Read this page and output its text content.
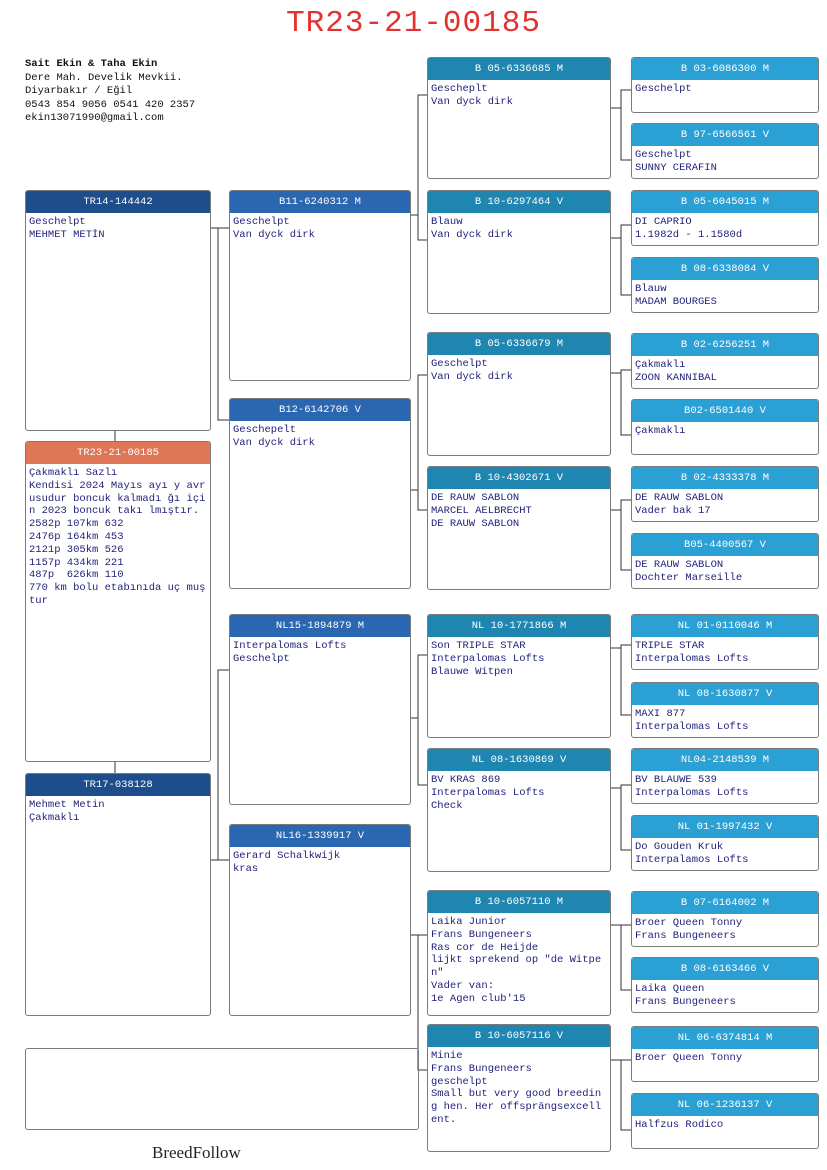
TR23-21-00185
Sait Ekin & Taha Ekin
Dere Mah. Develik Mevkii.
Diyarbakır / Eğil
0543 854 9056 0541 420 2357
ekin13071990@gmail.com
TR14-144442
Geschelpt
MEHMET METİN
TR23-21-00185
Çakmaklı Sazlı
Kendisi 2024 Mayıs ayı y avrusudur boncuk kalmadı ğı için 2023 boncuk takı lmıştır.
2582p 107km 632
2476p 164km 453
2121p 305km 526
1157p 434km 221
487p  626km 110
770 km bolu etabınıda uç muştur
TR17-038128
Mehmet Metin
Çakmaklı
B11-6240312 M
Geschelpt
Van dyck dirk
B12-6142706 V
Geschepelt
Van dyck dirk
NL15-1894879 M
Interpalomas Lofts
Geschelpt
NL16-1339917 V
Gerard Schalkwijk
kras
B 05-6336685 M
Gescheplt
Van dyck dirk
B 10-6297464 V
Blauw
Van dyck dirk
B 05-6336679 M
Geschelpt
Van dyck dirk
B 10-4302671 V
DE RAUW SABLON
MARCEL AELBRECHT
DE RAUW SABLON
NL 10-1771866 M
Son TRIPLE STAR
Interpalomas Lofts
Blauwe Witpen
NL 08-1630869 V
BV KRAS 869
Interpalomas Lofts
Check
B 10-6057110 M
Laika Junior
Frans Bungeneers
Ras cor de Heijde
lijkt sprekend op "de Witpen"
Vader van:
1e Agen club'15
B 10-6057116 V
Minie
Frans Bungeneers
geschelpt
Small but very good breeding hen. Her offsprängsexcellent.
B 03-6086300 M
Geschelpt
B 97-6566561 V
Geschelpt
SUNNY CERAFIN
B 05-6045015 M
DI CAPRIO
1.1982d - 1.1580d
B 08-6338084 V
Blauw
MADAM BOURGES
B 02-6256251 M
Çakmaklı
ZOON KANNIBAL
B02-6501440 V
Çakmaklı
B 02-4333378 M
DE RAUW SABLON
Vader bak 17
B05-4400567 V
DE RAUW SABLON
Dochter Marseille
NL 01-0110046 M
TRIPLE STAR
Interpalomas Lofts
NL 08-1630877 V
MAXI 877
Interpalomas Lofts
NL04-2148539 M
BV BLAUWE 539
Interpalomas Lofts
NL 01-1997432 V
Do Gouden Kruk
Interpalamos Lofts
B 07-6164002 M
Broer Queen Tonny
Frans Bungeneers
B 08-6163466 V
Laika Queen
Frans Bungeneers
NL 06-6374814 M
Broer Queen Tonny
NL 06-1236137 V
Halfzus Rodico
BreedFollow
